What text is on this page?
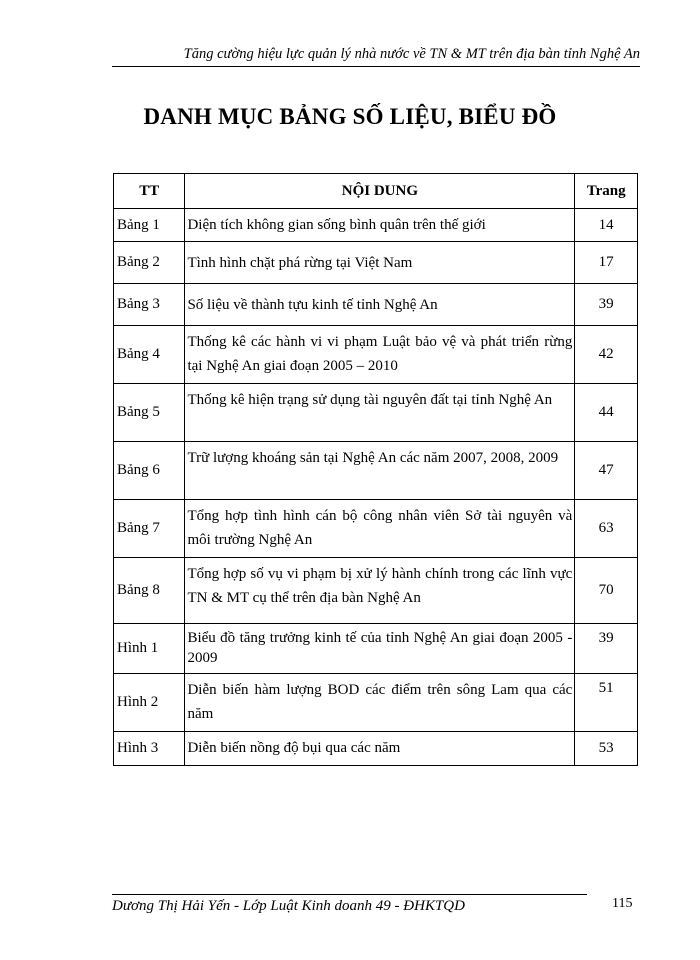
Tăng cường hiệu lực quản lý nhà nước về TN & MT trên địa bàn tỉnh Nghệ An
DANH MỤC BẢNG SỐ LIỆU, BIỂU ĐỒ
TT	NỘI DUNG	Trang
Bảng 1	Diện tích không gian sống bình quân trên thế giới	14
Bảng 2	Tình hình chặt phá rừng tại Việt Nam	17
Bảng 3	Số liệu về thành tựu kinh tế tỉnh Nghệ An	39
Bảng 4	Thống kê các hành vi vi phạm Luật bảo vệ và phát triển rừng tại Nghệ An giai đoạn 2005 – 2010	42
Bảng 5	Thống kê hiện trạng sử dụng tài nguyên đất tại tỉnh Nghệ An	44
Bảng 6	Trữ lượng khoáng sản tại Nghệ An các năm 2007, 2008, 2009	47
Bảng 7	Tổng hợp tình hình cán bộ công nhân viên Sở tài nguyên và môi trường Nghệ An	63
Bảng 8	Tổng hợp số vụ vi phạm bị xử lý hành chính trong các lĩnh vực TN & MT cụ thể trên địa bàn Nghệ An	70
Hình 1	Biểu đồ tăng trưởng kinh tế của tỉnh Nghệ An giai đoạn 2005 - 2009	39
Hình 2	Diễn biến hàm lượng BOD các điểm trên sông Lam qua các năm	51
Hình 3	Diễn biến nồng độ bụi qua các năm	53
Dương Thị Hải Yến - Lớp Luật Kinh doanh 49 - ĐHKTQD	115
